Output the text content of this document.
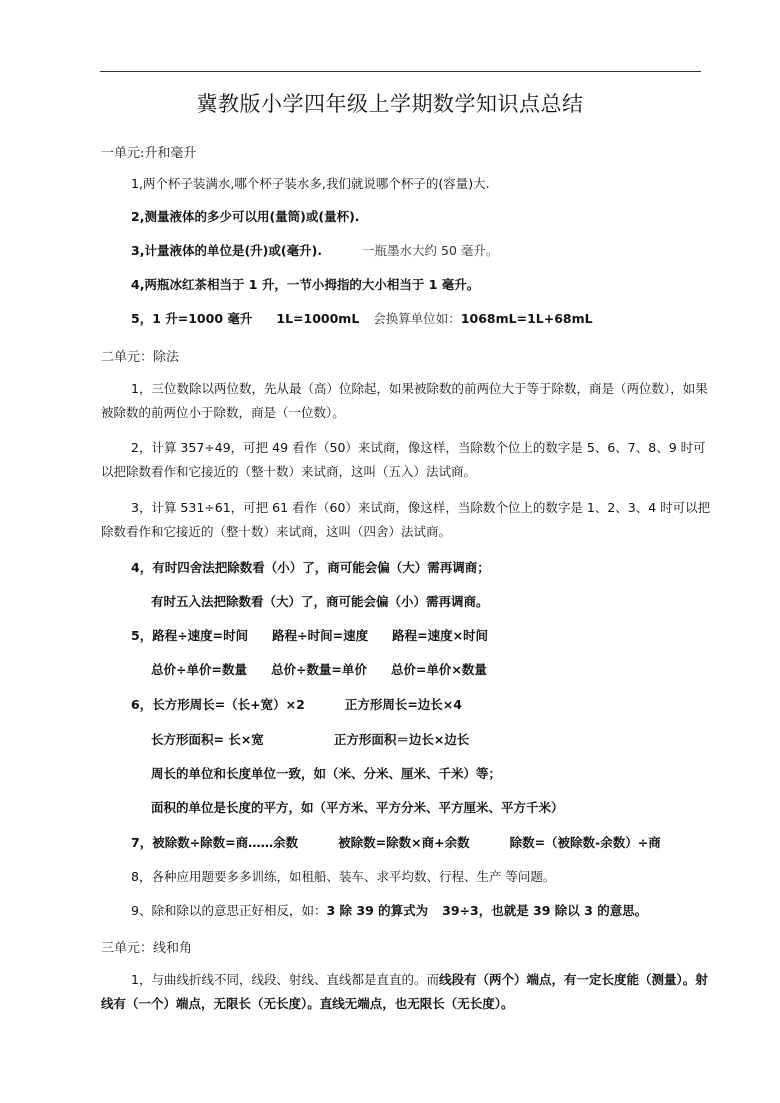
冀教版小学四年级上学期数学知识点总结
一单元:升和毫升
1,两个杯子装满水,哪个杯子装水多,我们就说哪个杯子的(容量)大.
2,测量液体的多少可以用(量筒)或(量杯).
3,计量液体的单位是(升)或(毫升).	一瓶墨水大约 50 毫升。
4,两瓶冰红茶相当于 1 升，一节小拇指的大小相当于 1 毫升。
5，1 升=1000 毫升 1L=1000mL 会换算单位如：1068mL=1L+68mL
二单元：除法
1，三位数除以两位数，先从最（高）位除起，如果被除数的前两位大于等于除数，商是（两位数），如果被除数的前两位小于除数，商是（一位数）。
2，计算 357÷49，可把 49 看作（50）来试商，像这样，当除数个位上的数字是 5、6、7、8、9 时可以把除数看作和它接近的（整十数）来试商，这叫（五入）法试商。
3，计算 531÷61，可把 61 看作（60）来试商，像这样，当除数个位上的数字是 1、2、3、4 时可以把除数看作和它接近的（整十数）来试商，这叫（四舍）法试商。
4，有时四舍法把除数看（小）了，商可能会偏（大）需再调商；
有时五入法把除数看（大）了，商可能会偏（小）需再调商。
5，路程÷速度=时间 路程÷时间=速度 路程=速度×时间
总价÷单价=数量 总价÷数量=单价 总价=单价×数量
6，长方形周长=（长+宽）×2	正方形周长=边长×4
长方形面积= 长×宽	正方形面积＝边长×边长
周长的单位和长度单位一致，如（米、分米、厘米、千米）等；
面积的单位是长度的平方，如（平方米、平方分米、平方厘米、平方千米）
7，被除数÷除数=商……余数	被除数=除数×商+余数	除数=（被除数-余数）÷商
8，各种应用题要多多训练，如租船、装车、求平均数、行程、生产 等问题。
9、除和除以的意思正好相反，如：3 除 39 的算式为 39÷3，也就是 39 除以 3 的意思。
三单元：线和角
1，与曲线折线不同，线段、射线、直线都是直直的。而线段有（两个）端点，有一定长度能（测量）。射线有（一个）端点，无限长（无长度）。直线无端点，也无限长（无长度）。
